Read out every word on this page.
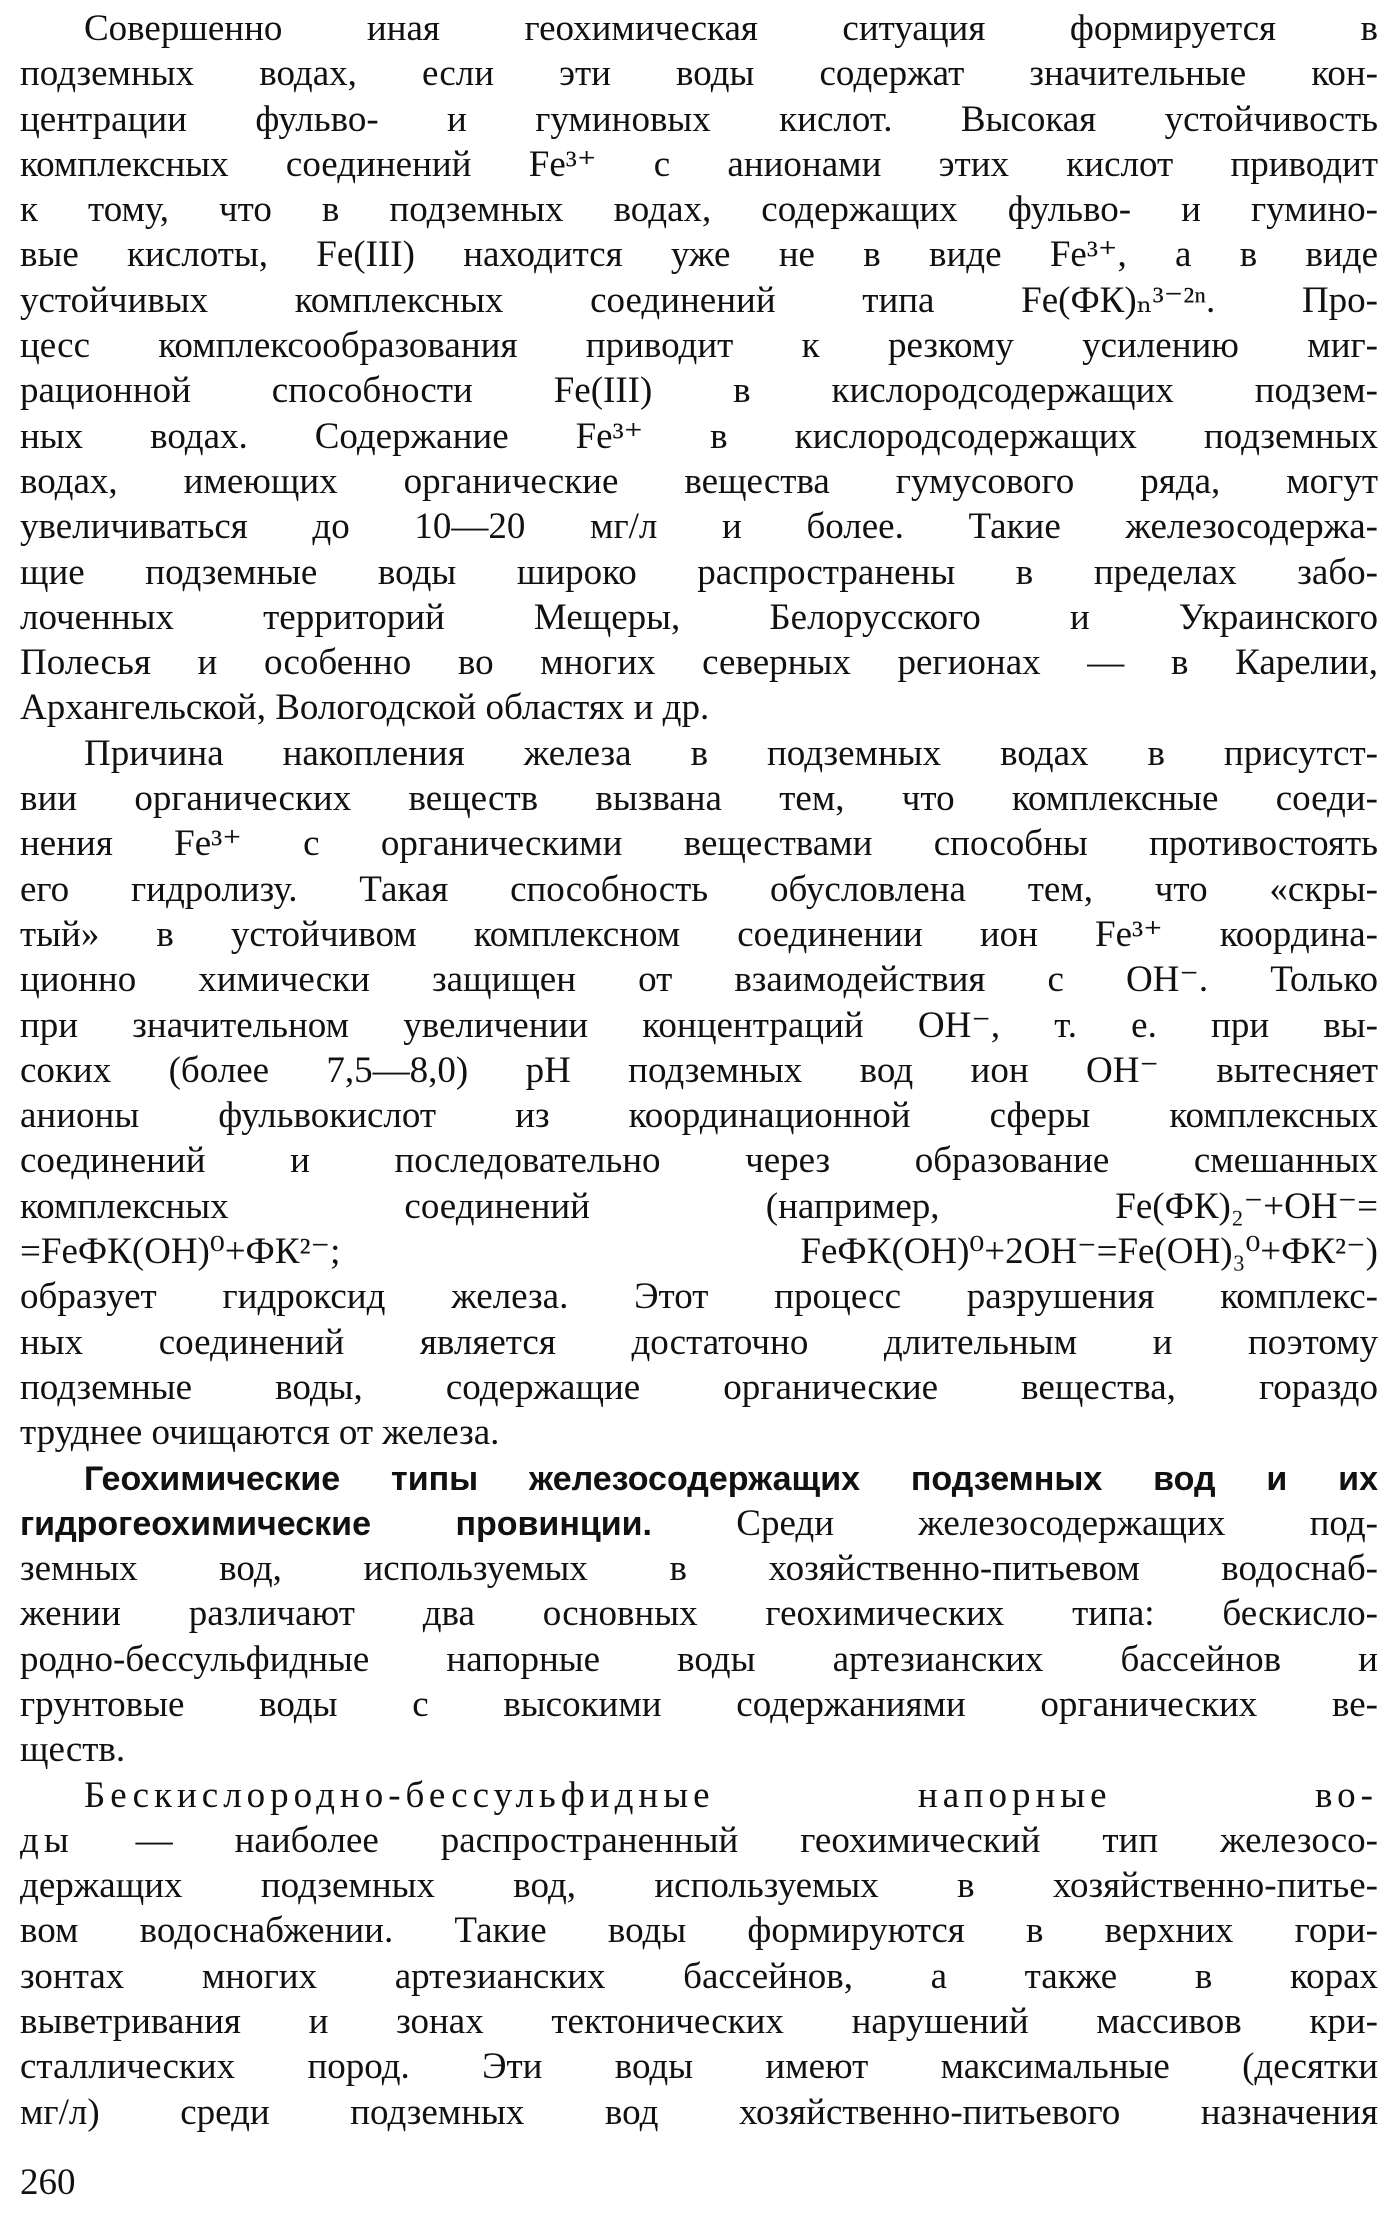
Совершенно иная геохимическая ситуация формируется в
подземных водах, если эти воды содержат значительные кон-
центрации фульво- и гуминовых кислот. Высокая устойчивость
комплексных соединений Fe³⁺ с анионами этих кислот приводит
к тому, что в подземных водах, содержащих фульво- и гумино-
вые кислоты, Fe(III) находится уже не в виде Fe³⁺, а в виде
устойчивых комплексных соединений типа Fe(ФК)ₙ³⁻²ⁿ. Про-
цесс комплексообразования приводит к резкому усилению миг-
рационной способности Fe(III) в кислородсодержащих подзем-
ных водах. Содержание Fe³⁺ в кислородсодержащих подземных
водах, имеющих органические вещества гумусового ряда, могут
увеличиваться до 10—20 мг/л и более. Такие железосодержа-
щие подземные воды широко распространены в пределах забо-
лоченных территорий Мещеры, Белорусского и Украинского
Полесья и особенно во многих северных регионах — в Карелии,
Архангельской, Вологодской областях и др.
Причина накопления железа в подземных водах в присутст-
вии органических веществ вызвана тем, что комплексные соеди-
нения Fe³⁺ с органическими веществами способны противостоять
его гидролизу. Такая способность обусловлена тем, что «скры-
тый» в устойчивом комплексном соединении ион Fe³⁺ координа-
ционно химически защищен от взаимодействия с OH⁻. Только
при значительном увеличении концентраций OH⁻, т. е. при вы-
соких (более 7,5—8,0) pH подземных вод ион OH⁻ вытесняет
анионы фульвокислот из координационной сферы комплексных
соединений и последовательно через образование смешанных
комплексных соединений (например, Fe(ФК)₂⁻+OH⁻=
=FeФК(OH)⁰+ФК²⁻; FeФК(OH)⁰+2OH⁻=Fe(OH)₃⁰+ФК²⁻)
образует гидроксид железа. Этот процесс разрушения комплекс-
ных соединений является достаточно длительным и поэтому
подземные воды, содержащие органические вещества, гораздо
труднее очищаются от железа.
Геохимические типы железосодержащих подземных вод и их
гидрогеохимические провинции. Среди железосодержащих под-
земных вод, используемых в хозяйственно-питьевом водоснаб-
жении различают два основных геохимических типа: бескисло-
родно-бессульфидные напорные воды артезианских бассейнов и
грунтовые воды с высокими содержаниями органических ве-
ществ.
Бескислородно-бессульфидные напорные во-
ды — наиболее распространенный геохимический тип железосо-
держащих подземных вод, используемых в хозяйственно-питье-
вом водоснабжении. Такие воды формируются в верхних гори-
зонтах многих артезианских бассейнов, а также в корах
выветривания и зонах тектонических нарушений массивов кри-
сталлических пород. Эти воды имеют максимальные (десятки
мг/л) среди подземных вод хозяйственно-питьевого назначения
260
